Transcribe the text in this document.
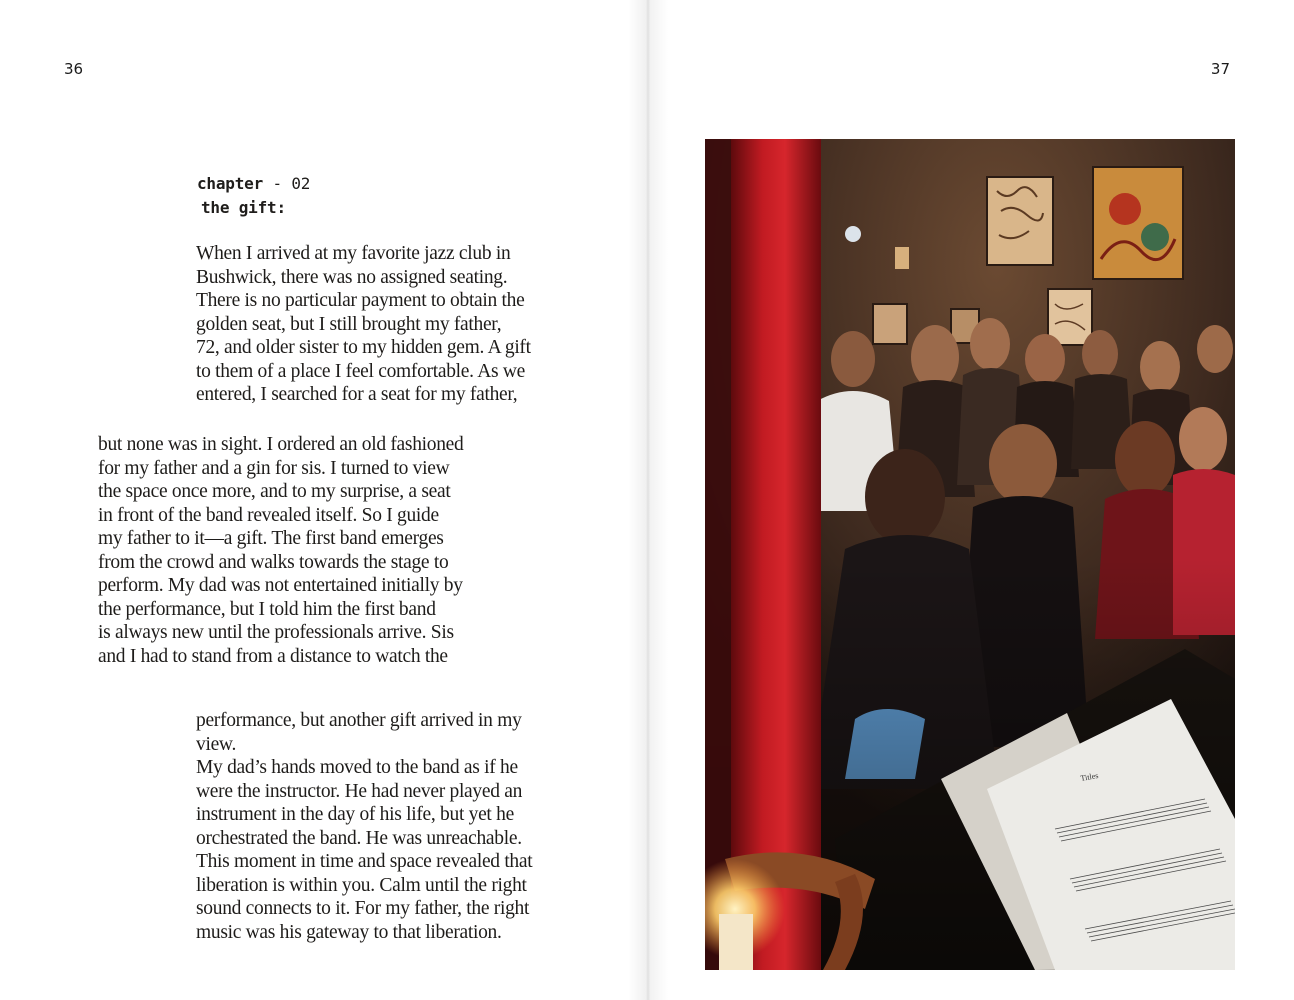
36
chapter - 02
the gift:

When I arrived at my favorite jazz club in
Bushwick, there was no assigned seating.
There is no particular payment to obtain the
golden seat, but I still brought my father,
72, and older sister to my hidden gem. A gift
to them of a place I feel comfortable. As we
entered, I searched for a seat for my father,

but none was in sight. I ordered an old fashioned
for my father and a gin for sis. I turned to view
the space once more, and to my surprise, a seat
in front of the band revealed itself. So I guide
my father to it—a gift. The first band emerges
from the crowd and walks towards the stage to
perform. My dad was not entertained initially by
the performance, but I told him the first band
is always new until the professionals arrive. Sis
and I had to stand from a distance to watch the

performance, but another gift arrived in my
view.
My dad’s hands moved to the band as if he
were the instructor. He had never played an
instrument in the day of his life, but yet he
orchestrated the band. He was unreachable.
This moment in time and space revealed that
liberation is within you. Calm until the right
sound connects to it. For my father, the right
music was his gateway to that liberation.

37
Titles
